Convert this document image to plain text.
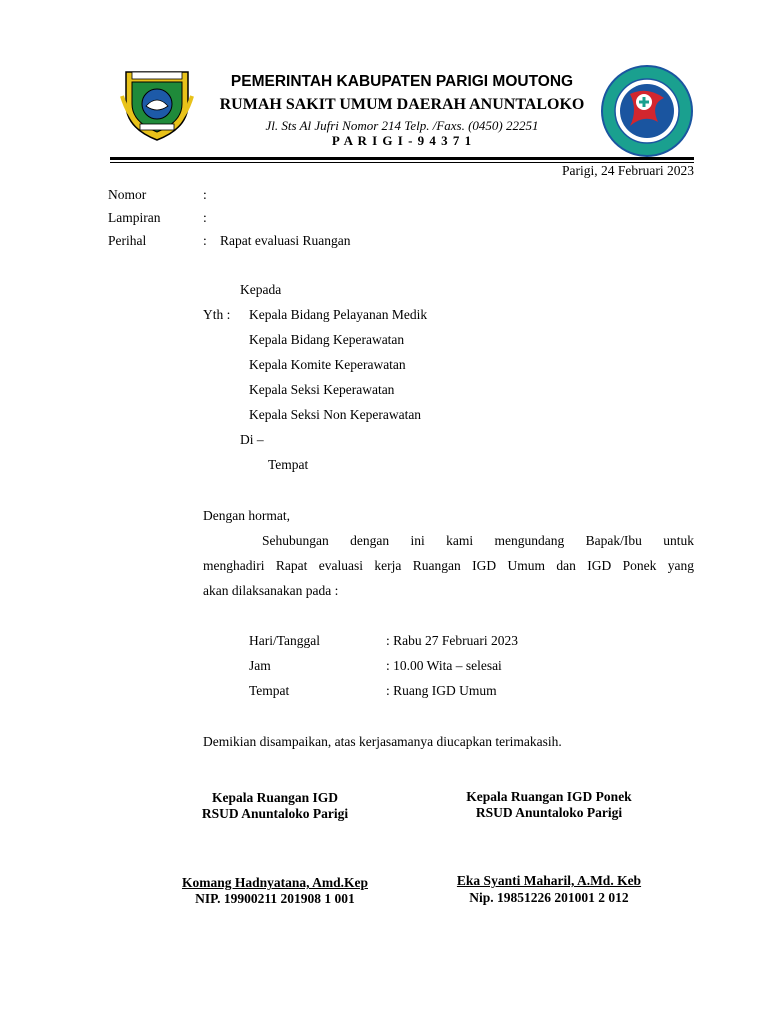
PEMERINTAH KABUPATEN PARIGI MOUTONG
RUMAH SAKIT UMUM DAERAH ANUNTALOKO
Jl. Sts Al Jufri Nomor 214 Telp. /Faxs. (0450) 22251
P A R I G I - 9 4 3 7 1
Parigi, 24 Februari 2023
Nomor	:
Lampiran	:
Perihal	: Rapat evaluasi Ruangan
Kepada
Yth : Kepala Bidang Pelayanan Medik
Kepala Bidang Keperawatan
Kepala Komite Keperawatan
Kepala Seksi Keperawatan
Kepala Seksi Non Keperawatan
Di –
Tempat
Dengan hormat,
Sehubungan dengan ini kami mengundang Bapak/Ibu untuk
menghadiri Rapat evaluasi kerja Ruangan IGD Umum dan IGD Ponek yang
akan dilaksanakan pada :
Hari/Tanggal	: Rabu 27 Februari 2023
Jam	: 10.00 Wita – selesai
Tempat	: Ruang IGD Umum
Demikian disampaikan, atas kerjasamanya diucapkan terimakasih.
Kepala Ruangan IGD
RSUD Anuntaloko Parigi
Komang Hadnyatana, Amd.Kep
NIP. 19900211 201908 1 001
Kepala Ruangan IGD Ponek
RSUD Anuntaloko Parigi
Eka Syanti Maharil, A.Md. Keb
Nip. 19851226 201001 2 012
